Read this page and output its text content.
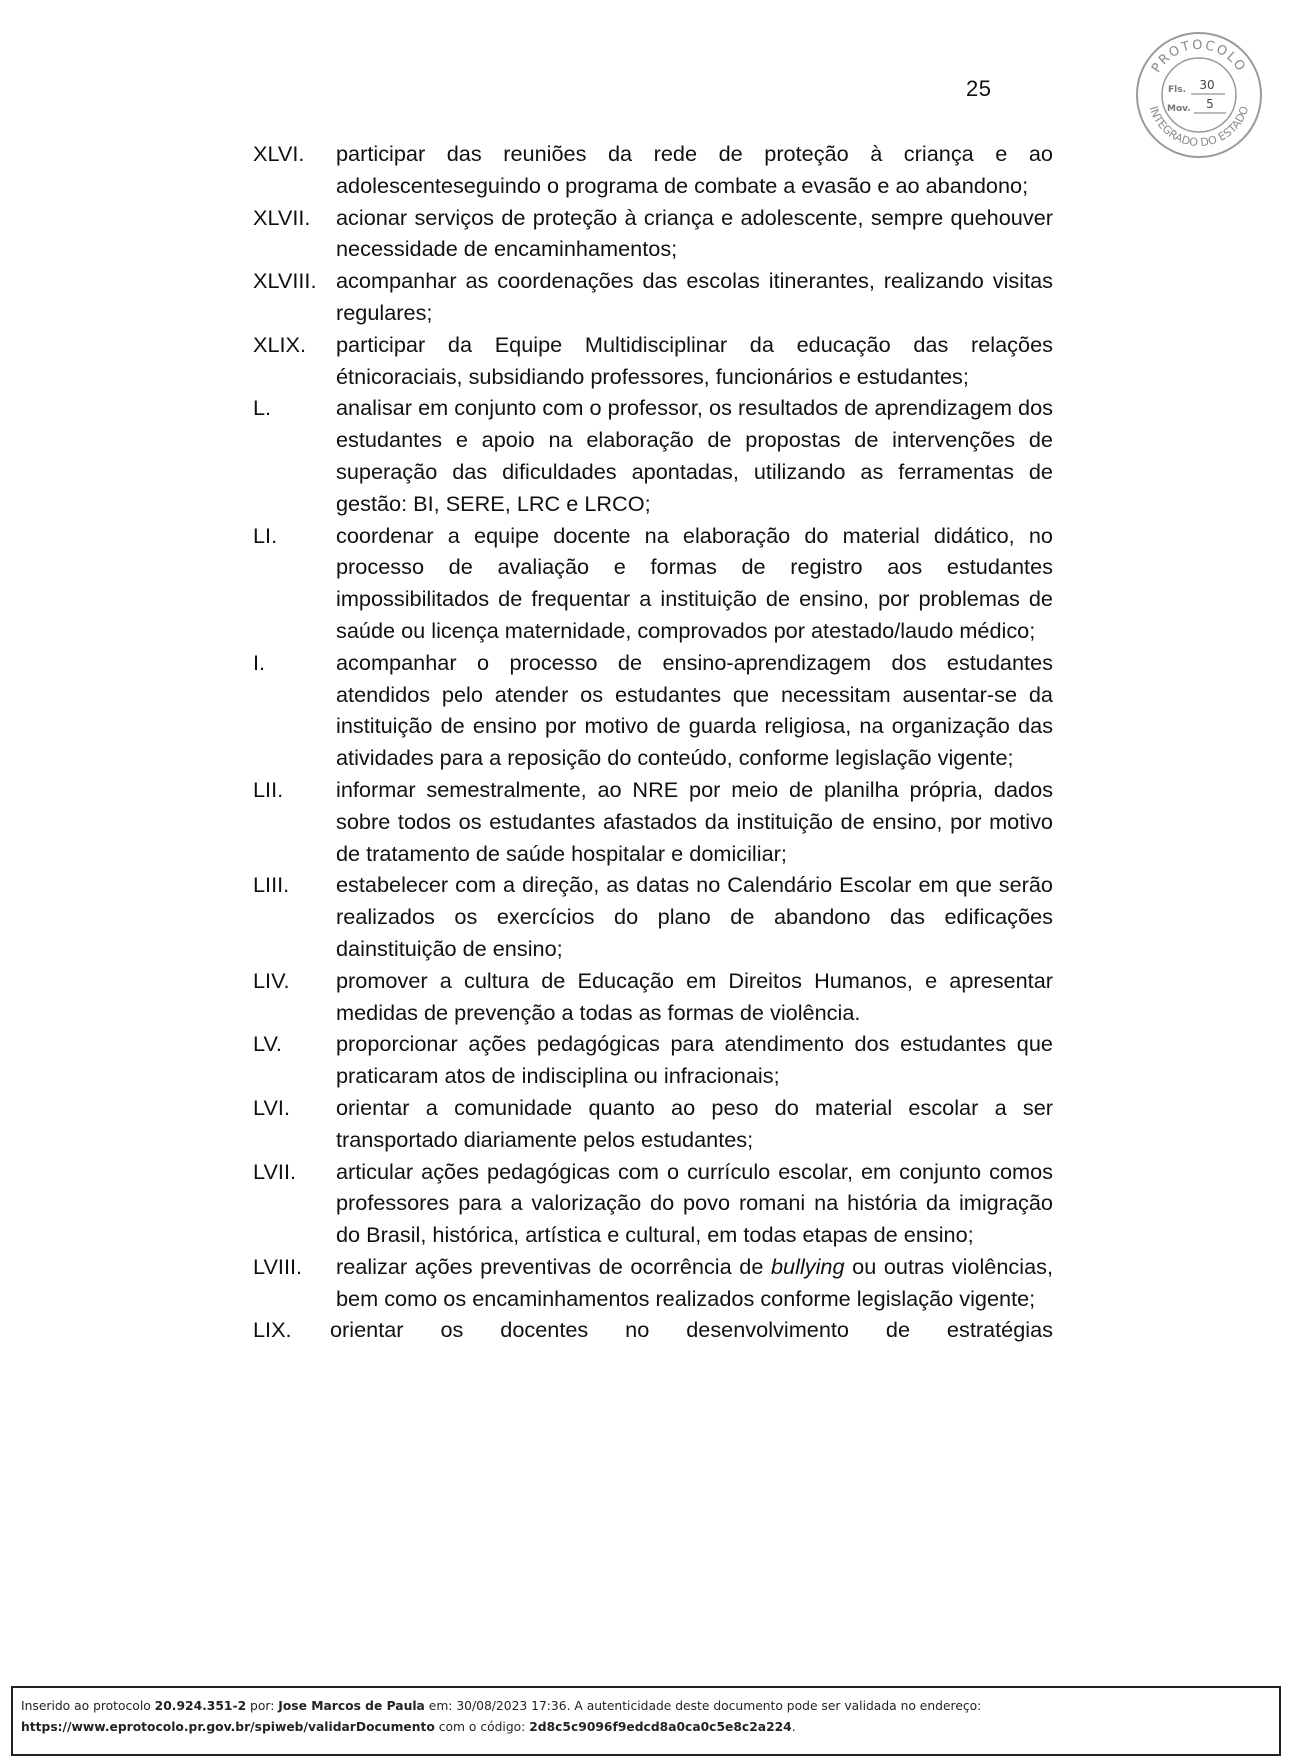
25
PROTOCOLO
INTEGRADO DO ESTADO
Fls. 30
Mov. 5
XLVI.	participar das reuniões da rede de proteção à criança e ao adolescenteseguindo o programa de combate a evasão e ao abandono;
XLVII.	acionar serviços de proteção à criança e adolescente, sempre quehouver necessidade de encaminhamentos;
XLVIII. acompanhar as coordenações das escolas itinerantes, realizando visitas regulares;
XLIX.	participar da Equipe Multidisciplinar da educação das relações étnicoraciais, subsidiando professores, funcionários e estudantes;
L.	analisar em conjunto com o professor, os resultados de aprendizagem dos estudantes e apoio na elaboração de propostas de intervenções de superação das dificuldades apontadas, utilizando as ferramentas de gestão: BI, SERE, LRC e LRCO;
LI.	coordenar a equipe docente na elaboração do material didático, no processo de avaliação e formas de registro aos estudantes impossibilitados de frequentar a instituição de ensino, por problemas de saúde ou licença maternidade, comprovados por atestado/laudo médico;
I.	acompanhar o processo de ensino-aprendizagem dos estudantes atendidos pelo atender os estudantes que necessitam ausentar-se da instituição de ensino por motivo de guarda religiosa, na organização das atividades para a reposição do conteúdo, conforme legislação vigente;
LII.	informar semestralmente, ao NRE por meio de planilha própria, dados sobre todos os estudantes afastados da instituição de ensino, por motivo de tratamento de saúde hospitalar e domiciliar;
LIII.	estabelecer com a direção, as datas no Calendário Escolar em que serão realizados os exercícios do plano de abandono das edificações dainstituição de ensino;
LIV.	promover a cultura de Educação em Direitos Humanos, e apresentar medidas de prevenção a todas as formas de violência.
LV.	proporcionar ações pedagógicas para atendimento dos estudantes que praticaram atos de indisciplina ou infracionais;
LVI.	orientar a comunidade quanto ao peso do material escolar a ser transportado diariamente pelos estudantes;
LVII.	articular ações pedagógicas com o currículo escolar, em conjunto comos professores para a valorização do povo romani na história da imigração do Brasil, histórica, artística e cultural, em todas etapas de ensino;
LVIII.	realizar ações preventivas de ocorrência de bullying ou outras violências, bem como os encaminhamentos realizados conforme legislação vigente;
LIX.	orientar os docentes no desenvolvimento de estratégias
Inserido ao protocolo 20.924.351-2 por: Jose Marcos de Paula em: 30/08/2023 17:36. A autenticidade deste documento pode ser validada no endereço:
https://www.eprotocolo.pr.gov.br/spiweb/validarDocumento com o código: 2d8c5c9096f9edcd8a0ca0c5e8c2a224.
